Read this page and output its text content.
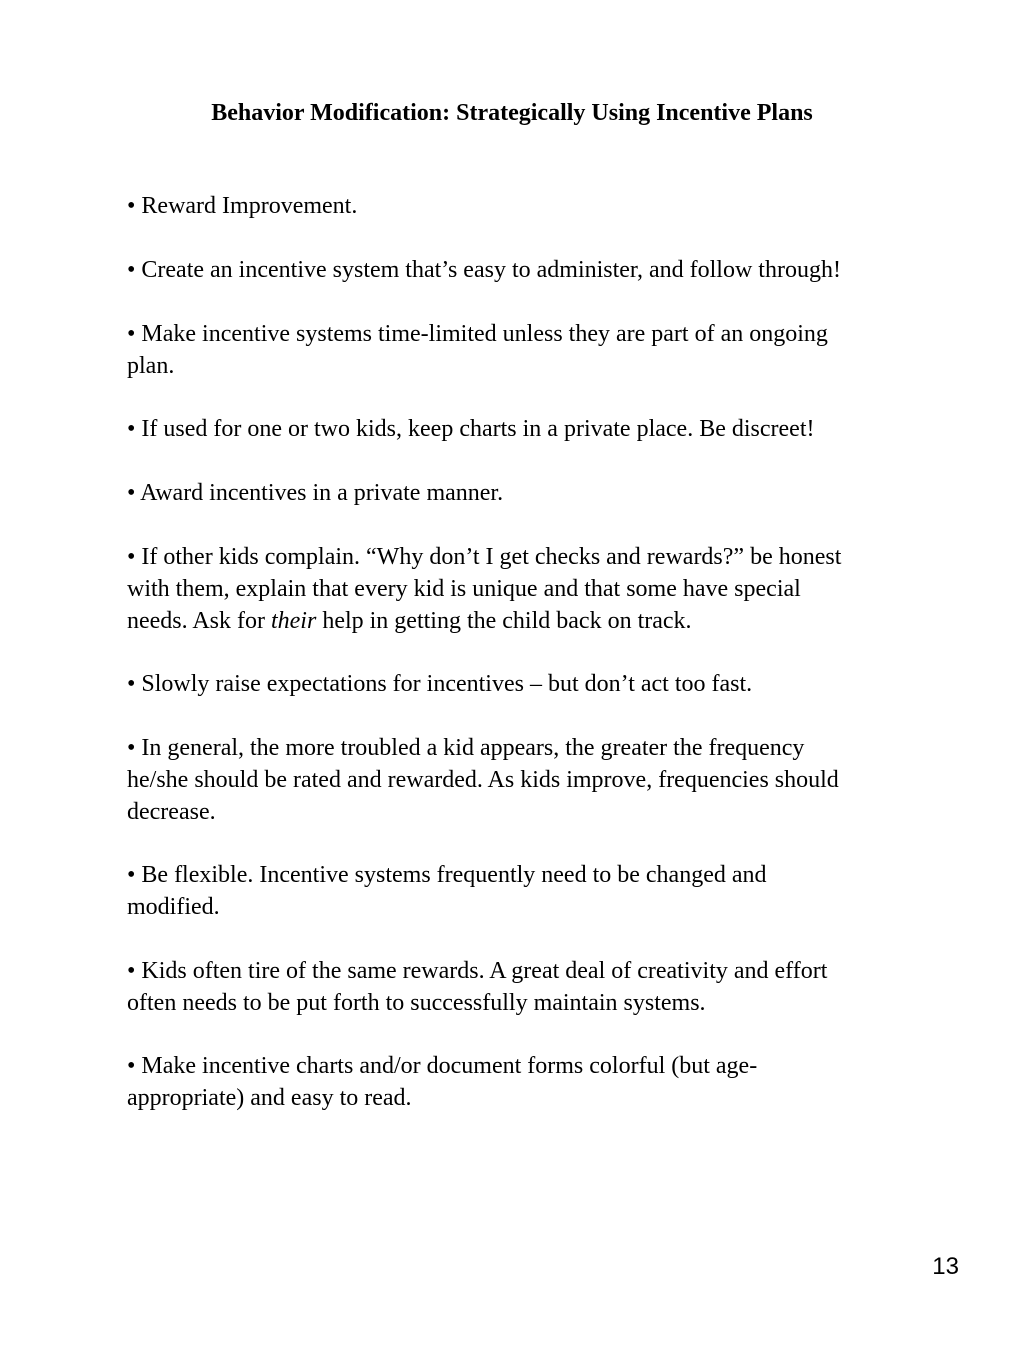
Behavior Modification: Strategically Using Incentive Plans

• Reward Improvement.

• Create an incentive system that’s easy to administer, and follow through!

• Make incentive systems time-limited unless they are part of an ongoing
plan.

• If used for one or two kids, keep charts in a private place. Be discreet!

• Award incentives in a private manner.

• If other kids complain. “Why don’t I get checks and rewards?” be honest
with them, explain that every kid is unique and that some have special
needs. Ask for their help in getting the child back on track.

• Slowly raise expectations for incentives – but don’t act too fast.

• In general, the more troubled a kid appears, the greater the frequency
he/she should be rated and rewarded. As kids improve, frequencies should
decrease.

• Be flexible. Incentive systems frequently need to be changed and
modified.

• Kids often tire of the same rewards. A great deal of creativity and effort
often needs to be put forth to successfully maintain systems.

• Make incentive charts and/or document forms colorful (but age-
appropriate) and easy to read.

13
